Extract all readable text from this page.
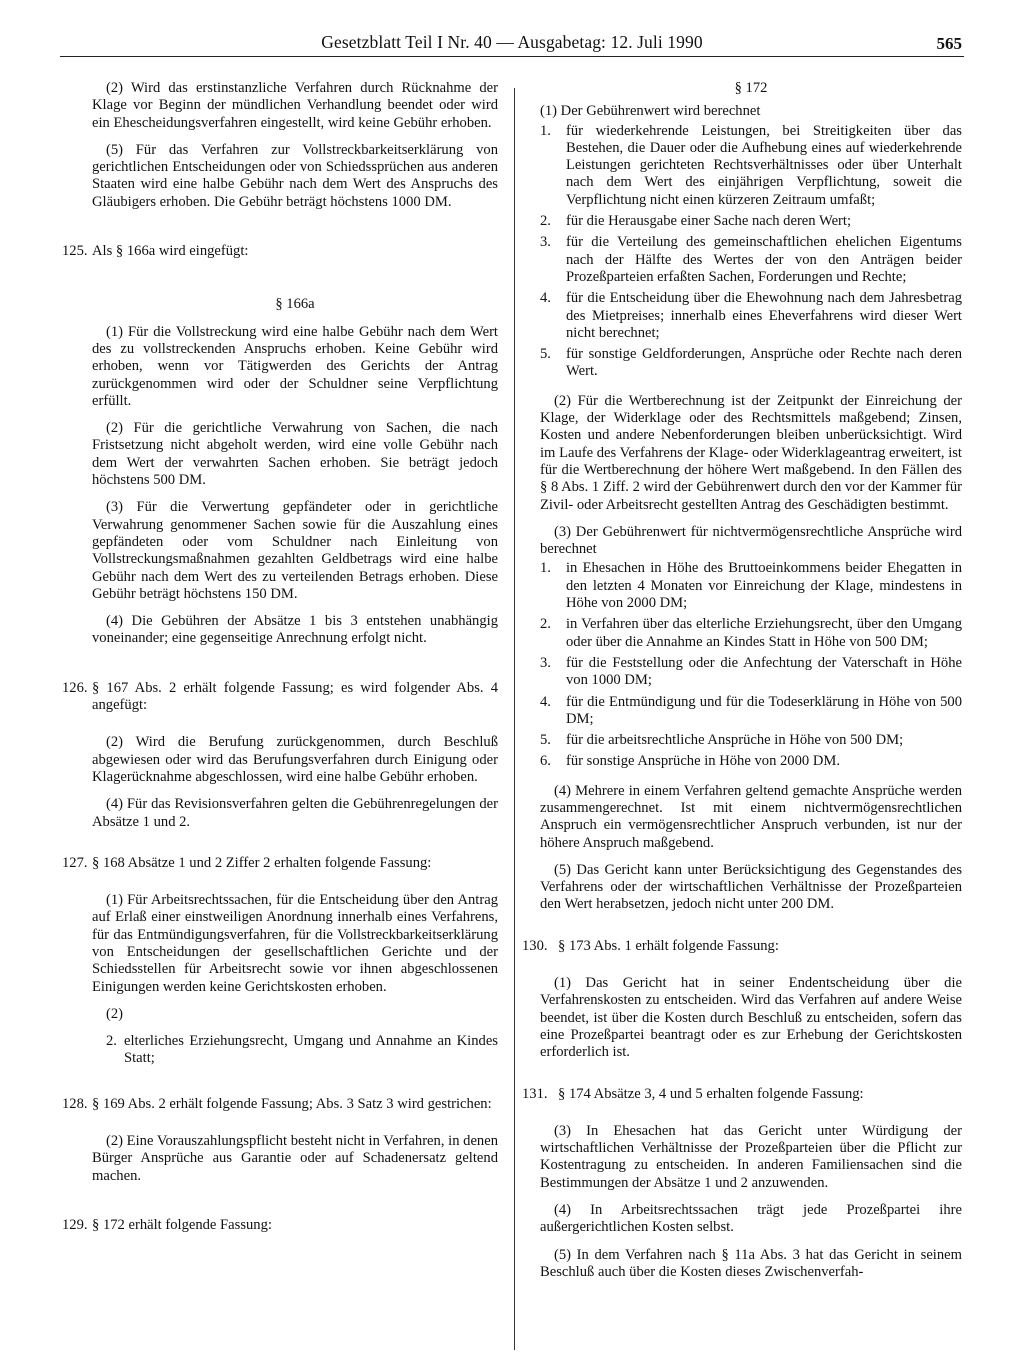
Gesetzblatt Teil I Nr. 40 — Ausgabetag: 12. Juli 1990	565

(2) Wird das erstinstanzliche Verfahren durch Rücknahme der Klage vor Beginn der mündlichen Verhandlung beendet oder wird ein Ehescheidungsverfahren eingestellt, wird keine Gebühr erhoben.

(5) Für das Verfahren zur Vollstreckbarkeitserklärung von gerichtlichen Entscheidungen oder von Schiedssprüchen aus anderen Staaten wird eine halbe Gebühr nach dem Wert des Anspruchs des Gläubigers erhoben. Die Gebühr beträgt höchstens 1000 DM.

125. Als § 166a wird eingefügt:

§ 166a

(1) Für die Vollstreckung wird eine halbe Gebühr nach dem Wert des zu vollstreckenden Anspruchs erhoben. Keine Gebühr wird erhoben, wenn vor Tätigwerden des Gerichts der Antrag zurückgenommen wird oder der Schuldner seine Verpflichtung erfüllt.

(2) Für die gerichtliche Verwahrung von Sachen, die nach Fristsetzung nicht abgeholt werden, wird eine volle Gebühr nach dem Wert der verwahrten Sachen erhoben. Sie beträgt jedoch höchstens 500 DM.

(3) Für die Verwertung gepfändeter oder in gerichtliche Verwahrung genommener Sachen sowie für die Auszahlung eines gepfändeten oder vom Schuldner nach Einleitung von Vollstreckungsmaßnahmen gezahlten Geldbetrags wird eine halbe Gebühr nach dem Wert des zu verteilenden Betrags erhoben. Diese Gebühr beträgt höchstens 150 DM.

(4) Die Gebühren der Absätze 1 bis 3 entstehen unabhängig voneinander; eine gegenseitige Anrechnung erfolgt nicht.

126. § 167 Abs. 2 erhält folgende Fassung; es wird folgender Abs. 4 angefügt:

(2) Wird die Berufung zurückgenommen, durch Beschluß abgewiesen oder wird das Berufungsverfahren durch Einigung oder Klagerücknahme abgeschlossen, wird eine halbe Gebühr erhoben.

(4) Für das Revisionsverfahren gelten die Gebührenregelungen der Absätze 1 und 2.

127. § 168 Absätze 1 und 2 Ziffer 2 erhalten folgende Fassung:

(1) Für Arbeitsrechtssachen, für die Entscheidung über den Antrag auf Erlaß einer einstweiligen Anordnung innerhalb eines Verfahrens, für das Entmündigungsverfahren, für die Vollstreckbarkeitserklärung von Entscheidungen der gesellschaftlichen Gerichte und der Schiedsstellen für Arbeitsrecht sowie vor ihnen abgeschlossenen Einigungen werden keine Gerichtskosten erhoben.

(2)

2. elterliches Erziehungsrecht, Umgang und Annahme an Kindes Statt;
128. § 169 Abs. 2 erhält folgende Fassung; Abs. 3 Satz 3 wird gestrichen:

(2) Eine Vorauszahlungspflicht besteht nicht in Verfahren, in denen Bürger Ansprüche aus Garantie oder auf Schadenersatz geltend machen.

129. § 172 erhält folgende Fassung:

§ 172

(1) Der Gebührenwert wird berechnet

1.	für wiederkehrende Leistungen, bei Streitigkeiten über das Bestehen, die Dauer oder die Aufhebung eines auf wiederkehrende Leistungen gerichteten Rechtsverhältnisses oder über Unterhalt nach dem Wert des einjährigen Verpflichtung, soweit die Verpflichtung nicht einen kürzeren Zeitraum umfaßt;
2.	für die Herausgabe einer Sache nach deren Wert;
3.	für die Verteilung des gemeinschaftlichen ehelichen Eigentums nach der Hälfte des Wertes der von den Anträgen beider Prozeßparteien erfaßten Sachen, Forderungen und Rechte;
4.	für die Entscheidung über die Ehewohnung nach dem Jahresbetrag des Mietpreises; innerhalb eines Eheverfahrens wird dieser Wert nicht berechnet;
5.	für sonstige Geldforderungen, Ansprüche oder Rechte nach deren Wert.

(2) Für die Wertberechnung ist der Zeitpunkt der Einreichung der Klage, der Widerklage oder des Rechtsmittels maßgebend; Zinsen, Kosten und andere Nebenforderungen bleiben unberücksichtigt. Wird im Laufe des Verfahrens der Klage- oder Widerklageantrag erweitert, ist für die Wertberechnung der höhere Wert maßgebend. In den Fällen des § 8 Abs. 1 Ziff. 2 wird der Gebührenwert durch den vor der Kammer für Zivil- oder Arbeitsrecht gestellten Antrag des Geschädigten bestimmt.

(3) Der Gebührenwert für nichtvermögensrechtliche Ansprüche wird berechnet

1.	in Ehesachen in Höhe des Bruttoeinkommens beider Ehegatten in den letzten 4 Monaten vor Einreichung der Klage, mindestens in Höhe von 2000 DM;
2.	in Verfahren über das elterliche Erziehungsrecht, über den Umgang oder über die Annahme an Kindes Statt in Höhe von 500 DM;
3.	für die Feststellung oder die Anfechtung der Vaterschaft in Höhe von 1000 DM;
4.	für die Entmündigung und für die Todeserklärung in Höhe von 500 DM;
5.	für die arbeitsrechtliche Ansprüche in Höhe von 500 DM;
6.	für sonstige Ansprüche in Höhe von 2000 DM.

(4) Mehrere in einem Verfahren geltend gemachte Ansprüche werden zusammengerechnet. Ist mit einem nichtvermögensrechtlichen Anspruch ein vermögensrechtlicher Anspruch verbunden, ist nur der höhere Anspruch maßgebend.

(5) Das Gericht kann unter Berücksichtigung des Gegenstandes des Verfahrens oder der wirtschaftlichen Verhältnisse der Prozeßparteien den Wert herabsetzen, jedoch nicht unter 200 DM.

130. § 173 Abs. 1 erhält folgende Fassung:

(1) Das Gericht hat in seiner Endentscheidung über die Verfahrenskosten zu entscheiden. Wird das Verfahren auf andere Weise beendet, ist über die Kosten durch Beschluß zu entscheiden, sofern das eine Prozeßpartei beantragt oder es zur Erhebung der Gerichtskosten erforderlich ist.

131. § 174 Absätze 3, 4 und 5 erhalten folgende Fassung:

(3) In Ehesachen hat das Gericht unter Würdigung der wirtschaftlichen Verhältnisse der Prozeßparteien über die Pflicht zur Kostentragung zu entscheiden. In anderen Familiensachen sind die Bestimmungen der Absätze 1 und 2 anzuwenden.

(4) In Arbeitsrechtssachen trägt jede Prozeßpartei ihre außergerichtlichen Kosten selbst.

(5) In dem Verfahren nach § 11a Abs. 3 hat das Gericht in seinem Beschluß auch über die Kosten dieses Zwischenverfah-
